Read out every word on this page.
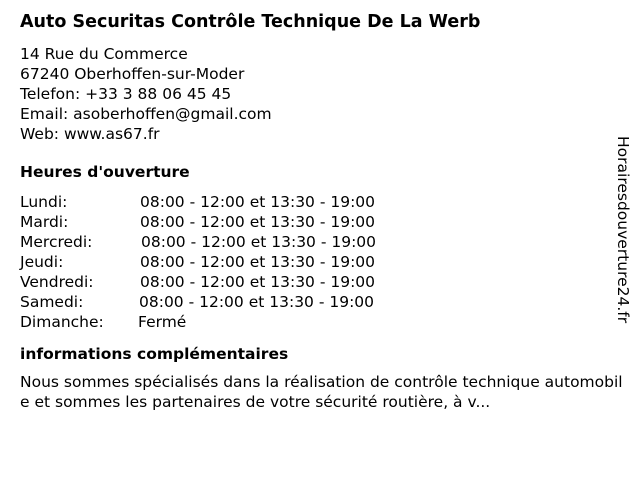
Auto Securitas Contrôle Technique De La Werb
14 Rue du Commerce
67240 Oberhoffen-sur-Moder
Telefon: +33 3 88 06 45 45
Email: asoberhoffen@gmail.com
Web: www.as67.fr
Heures d'ouverture
Lundi:	08:00 - 12:00 et 13:30 - 19:00
Mardi:	08:00 - 12:00 et 13:30 - 19:00
Mercredi:	08:00 - 12:00 et 13:30 - 19:00
Jeudi:	08:00 - 12:00 et 13:30 - 19:00
Vendredi:	08:00 - 12:00 et 13:30 - 19:00
Samedi:	08:00 - 12:00 et 13:30 - 19:00
Dimanche: Fermé
informations complémentaires
Nous sommes spécialisés dans la réalisation de contrôle technique automobile et sommes les partenaires de votre sécurité routière, à v...
Horairesdouverture24.fr
